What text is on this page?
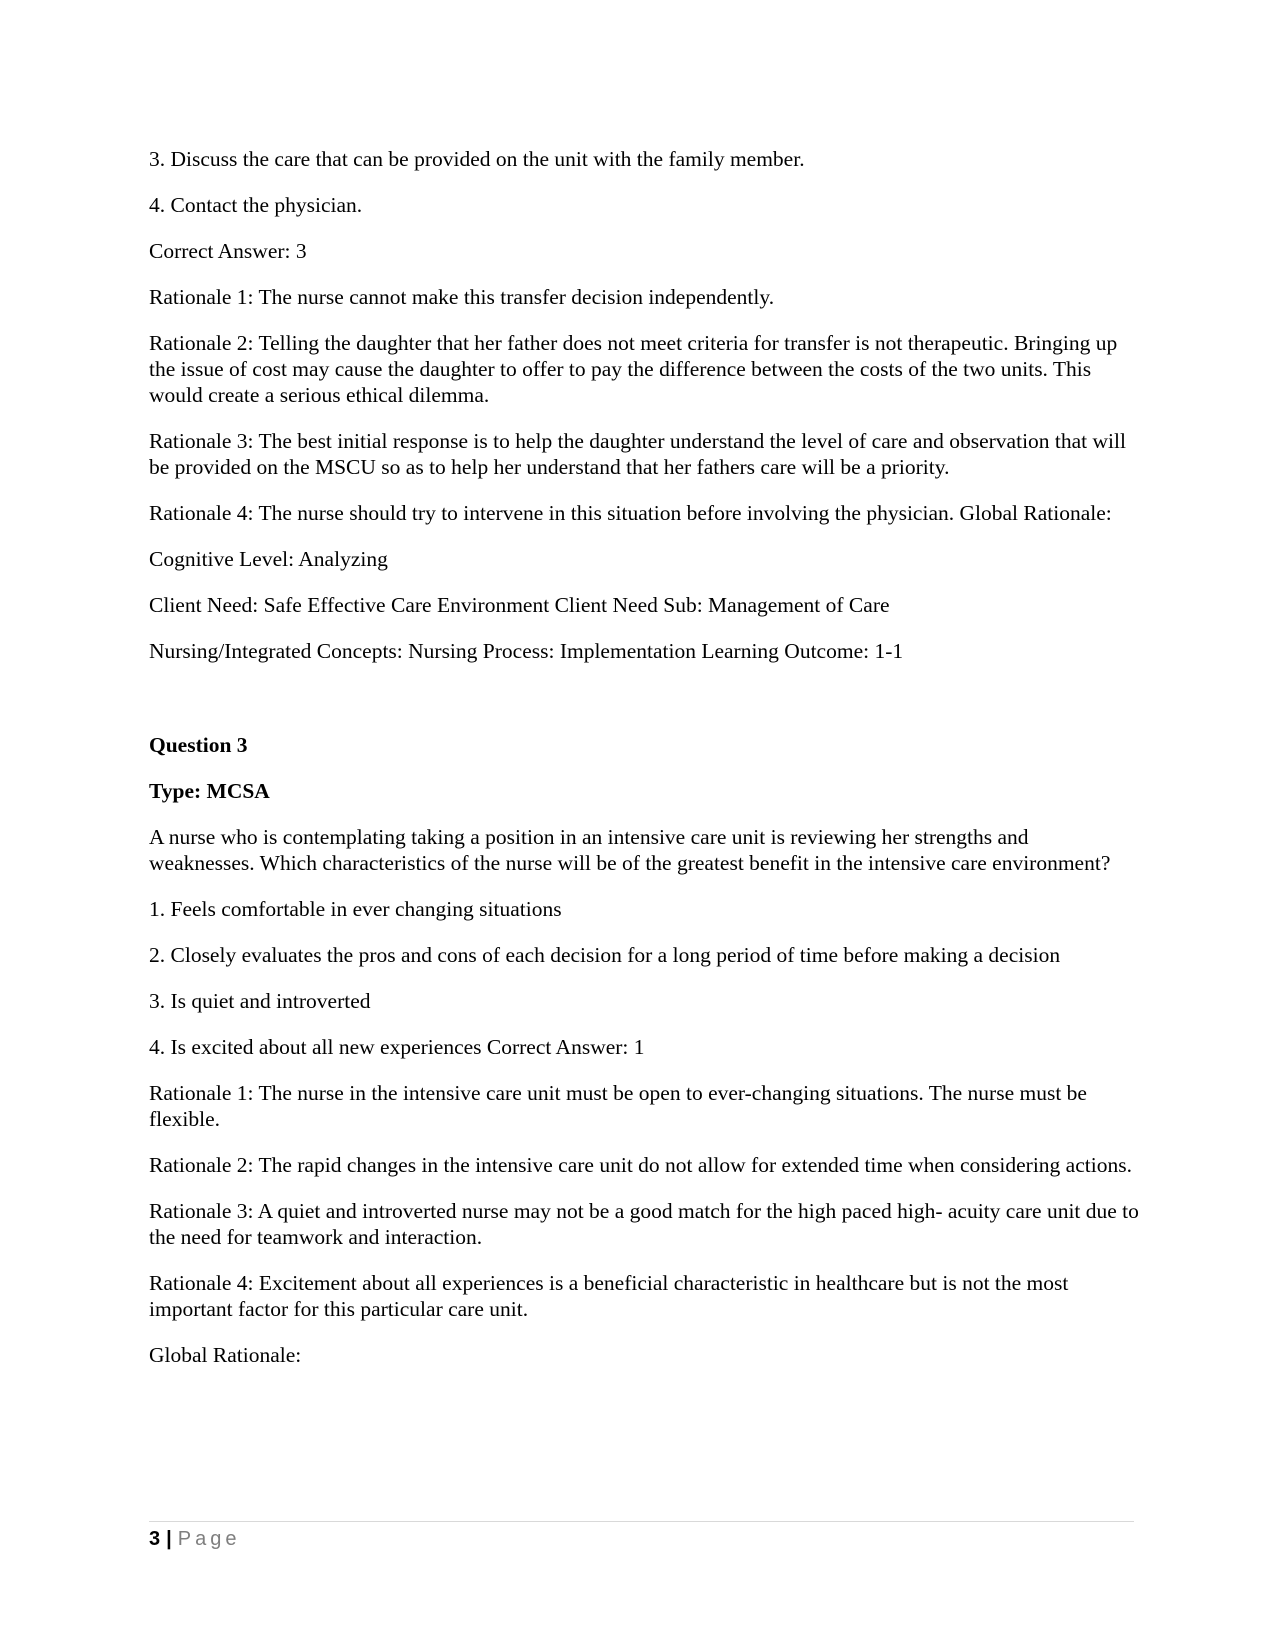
3. Discuss the care that can be provided on the unit with the family member.

4. Contact the physician.

Correct Answer: 3

Rationale 1: The nurse cannot make this transfer decision independently.

Rationale 2: Telling the daughter that her father does not meet criteria for transfer is not therapeutic. Bringing up the issue of cost may cause the daughter to offer to pay the difference between the costs of the two units. This would create a serious ethical dilemma.

Rationale 3: The best initial response is to help the daughter understand the level of care and observation that will be provided on the MSCU so as to help her understand that her fathers care will be a priority.

Rationale 4: The nurse should try to intervene in this situation before involving the physician. Global Rationale:

Cognitive Level: Analyzing

Client Need: Safe Effective Care Environment Client Need Sub: Management of Care

Nursing/Integrated Concepts: Nursing Process: Implementation Learning Outcome: 1-1

Question 3

Type: MCSA

A nurse who is contemplating taking a position in an intensive care unit is reviewing her strengths and weaknesses. Which characteristics of the nurse will be of the greatest benefit in the intensive care environment?

1. Feels comfortable in ever changing situations

2. Closely evaluates the pros and cons of each decision for a long period of time before making a decision

3. Is quiet and introverted

4. Is excited about all new experiences Correct Answer: 1

Rationale 1: The nurse in the intensive care unit must be open to ever-changing situations. The nurse must be flexible.

Rationale 2: The rapid changes in the intensive care unit do not allow for extended time when considering actions.

Rationale 3: A quiet and introverted nurse may not be a good match for the high paced high- acuity care unit due to the need for teamwork and interaction.

Rationale 4: Excitement about all experiences is a beneficial characteristic in healthcare but is not the most important factor for this particular care unit.

Global Rationale:

3 | Page
